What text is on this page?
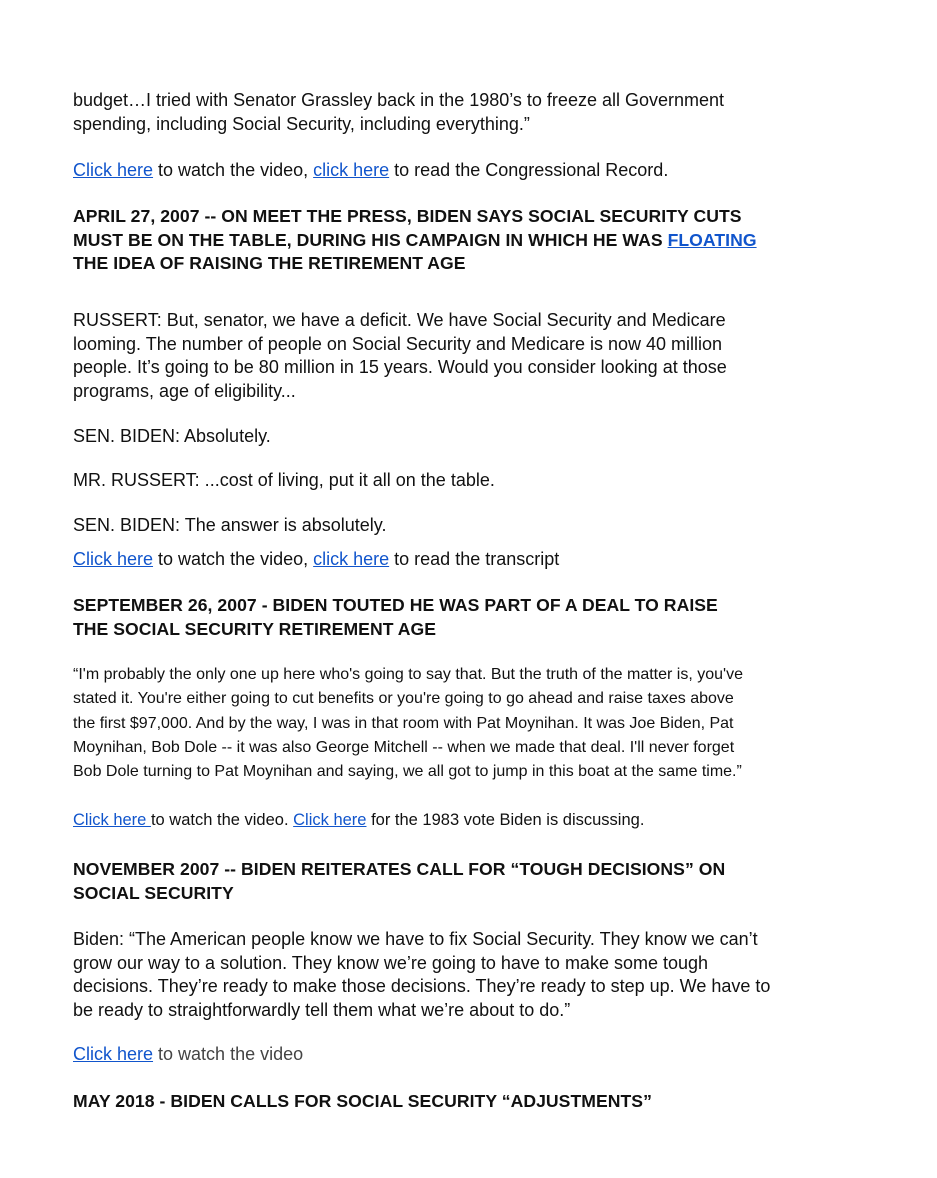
budget…I tried with Senator Grassley back in the 1980’s to freeze all Government
spending, including Social Security, including everything.”

Click here to watch the video, click here to read the Congressional Record.

APRIL 27, 2007 -- ON MEET THE PRESS, BIDEN SAYS SOCIAL SECURITY CUTS
MUST BE ON THE TABLE, DURING HIS CAMPAIGN IN WHICH HE WAS FLOATING
THE IDEA OF RAISING THE RETIREMENT AGE

RUSSERT: But, senator, we have a deficit. We have Social Security and Medicare
looming. The number of people on Social Security and Medicare is now 40 million
people. It’s going to be 80 million in 15 years. Would you consider looking at those
programs, age of eligibility...

SEN. BIDEN: Absolutely.

MR. RUSSERT: ...cost of living, put it all on the table.

SEN. BIDEN: The answer is absolutely.

Click here to watch the video, click here to read the transcript

SEPTEMBER 26, 2007 - BIDEN TOUTED HE WAS PART OF A DEAL TO RAISE
THE SOCIAL SECURITY RETIREMENT AGE

“I'm probably the only one up here who's going to say that. But the truth of the matter is, you've
stated it. You're either going to cut benefits or you're going to go ahead and raise taxes above
the first $97,000. And by the way, I was in that room with Pat Moynihan. It was Joe Biden, Pat
Moynihan, Bob Dole -- it was also George Mitchell -- when we made that deal. I'll never forget
Bob Dole turning to Pat Moynihan and saying, we all got to jump in this boat at the same time.”

Click here to watch the video. Click here for the 1983 vote Biden is discussing.

NOVEMBER 2007 -- BIDEN REITERATES CALL FOR “TOUGH DECISIONS” ON
SOCIAL SECURITY

Biden: “The American people know we have to fix Social Security. They know we can’t
grow our way to a solution. They know we’re going to have to make some tough
decisions. They’re ready to make those decisions. They’re ready to step up. We have to
be ready to straightforwardly tell them what we’re about to do.”

Click here to watch the video

MAY 2018 - BIDEN CALLS FOR SOCIAL SECURITY “ADJUSTMENTS”
